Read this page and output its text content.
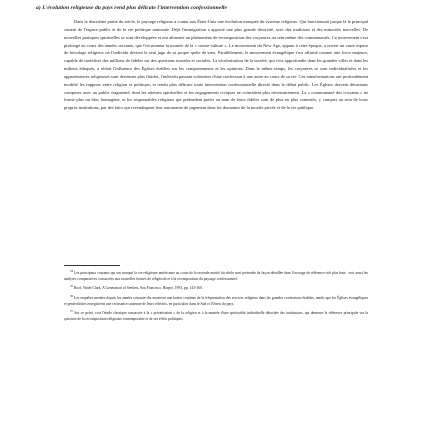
a) L'évolution religieuse du pays rend plus délicate l'intervention confessionnelle

Dans la deuxième partie du siècle, le paysage religieux a connu aux États-Unis une évolution marquée du système religieux. Qui fonctionnait jusque là le principal ciment de l'espace public et de la vie politique nationale. Déjà l'immigration a apporté une plus grande diversité, avec des traditions et des minorités nouvelles. De nouvelles pratiques spirituelles se sont développées et ont alimenté un phénomène de recomposition des croyances au sein même des communautés. Ce mouvement s'est prolongé au cours des années soixante, que l'on nomme la montée de la « contre-culture ». Le mouvement du New Age, apparu à cette époque, a ouvert un vaste espace de bricolage religieux où l'individu devient le seul juge de sa propre quête de sens. Parallèlement, le mouvement évangélique s'est affirmé comme une force majeure, capable de mobiliser des millions de fidèles sur des questions morales et sociales. La sécularisation de la société, qui s'est approfondie dans les grandes villes et dans les milieux éduqués, a réduit l'influence des Églises établies sur les comportements et les opinions. Dans le même temps, les croyances se sont individualisées et les appartenances religieuses sont devenues plus fluides, l'individu passant volontiers d'une confession à une autre au cours de sa vie. Ces transformations ont profondément modifié les rapports entre religion et politique, et rendu plus délicate toute intervention confessionnelle directe dans le débat public. Les Églises doivent désormais composer avec un public fragmenté, dont les attentes spirituelles et les engagements civiques ne coïncident plus nécessairement. La « communauté des croyants » ne forme plus un bloc homogène, et les responsables religieux qui prétendent parler au nom de leurs fidèles sont de plus en plus contestés, y compris au sein de leurs propres institutions, par des laïcs qui revendiquent leur autonomie de jugement dans les domaines de la morale privée et de la vie publique.

$^{34}$ Les principaux courants qui ont marqué la vie religieuse américaine au cours de la seconde moitié du siècle sont présentés de façon détaillée dans l'ouvrage de référence cité plus haut ; voir aussi les analyses comparatives consacrées aux nouvelles formes de religiosité et à la recomposition du paysage confessionnel.

$^{35}$ Roof, Wade Clark, A Generation of Seekers, San Francisco, Harper, 1993, pp. 143-160.

$^{36}$ Les enquêtes menées depuis les années soixante-dix montrent une baisse continue de la fréquentation des services religieux dans les grandes confessions établies, tandis que les Églises évangéliques et pentecôtistes enregistrent une croissance soutenue de leurs effectifs, en particulier dans le Sud et l'Ouest du pays.

$^{37}$ Sur ce point, voir l'étude classique consacrée à la « privatisation » de la religion et à la montée d'une spiritualité individuelle détachée des institutions, qui demeure la référence principale sur la question de la recomposition religieuse contemporaine et de ses effets politiques.
